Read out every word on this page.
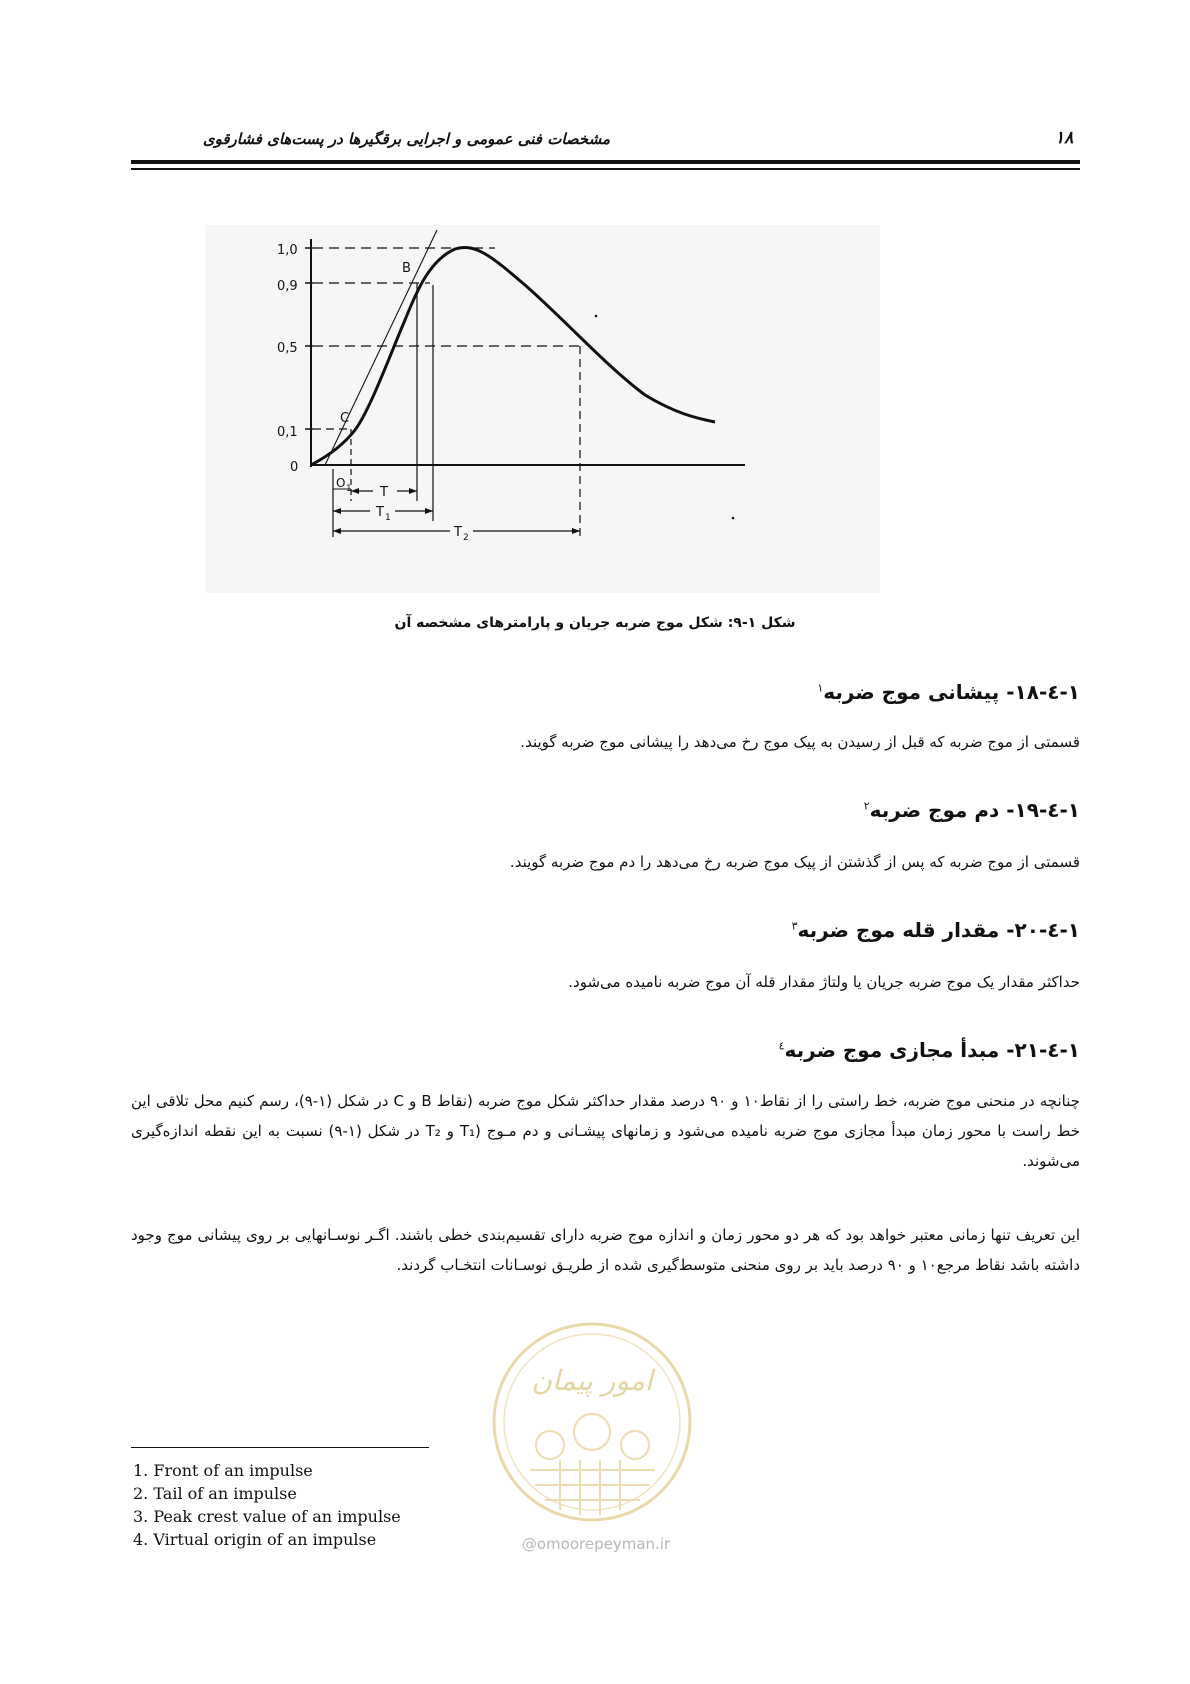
مشخصات فنی عمومی و اجرایی برقگیرها در پست‌های فشارقوی	۱۸
1,0
0,9
0,5
0,1
0
B
C
O 1 T
T 1
T 2
شکل ۱-۹: شکل موج ضربه جریان و پارامترهای مشخصه آن
۱-٤-۱۸- پیشانی موج ضربه$^۱$
قسمتی از موج ضربه که قبل از رسیدن به پیک موج رخ می‌دهد را پیشانی موج ضربه گویند.
۱-٤-۱۹- دم موج ضربه$^۲$
قسمتی از موج ضربه که پس از گذشتن از پیک موج ضربه رخ می‌دهد را دم موج ضربه گویند.
۱-٤-۲۰- مقدار قله موج ضربه$^۳$
حداکثر مقدار یک موج ضربه جریان یا ولتاژ مقدار قله آن موج ضربه نامیده می‌شود.
۱-٤-۲۱- مبدأ مجازی موج ضربه$^٤$
چنانچه در منحنی موج ضربه، خط راستی را از نقاط۱۰ و ۹۰ درصد مقدار حداکثر شکل موج ضربه (نقاط B و C در شکل (۱-۹)، رسم کنیم محل تلاقی این خط راست با محور زمان مبدأ مجازی موج ضربه نامیده می‌شود و زمانهای پیشـانی و دم مـوج (T₁ و T₂ در شکل (۱-۹) نسبت به این نقطه اندازه‌گیری می‌شوند.
این تعریف تنها زمانی معتبر خواهد بود که هر دو محور زمان و اندازه موج ضربه دارای تقسیم‌بندی خطی باشند. اگـر نوسـانهایی بر روی پیشانی موج وجود داشته باشد نقاط مرجع۱۰ و ۹۰ درصد باید بر روی منحنی متوسط‌گیری شده از طریـق نوسـانات انتخـاب گردند.
امور پیمان
@omoorepeyman.ir
1. Front of an impulse
2. Tail of an impulse
3. Peak crest value of an impulse
4. Virtual origin of an impulse
